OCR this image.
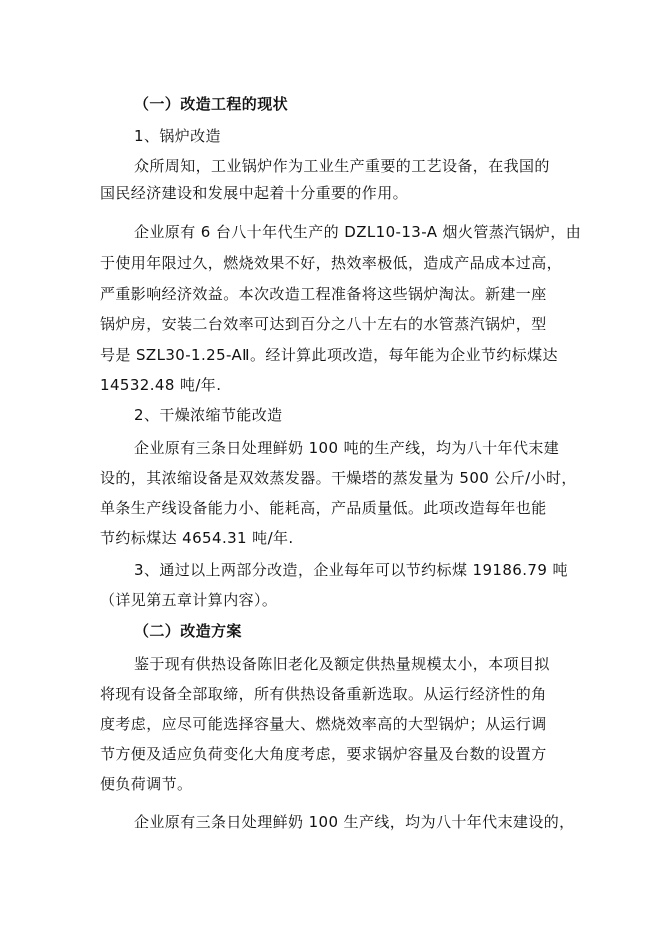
（一）改造工程的现状
1、锅炉改造
众所周知，工业锅炉作为工业生产重要的工艺设备，在我国的
国民经济建设和发展中起着十分重要的作用。
企业原有 6 台八十年代生产的 DZL10-13-A 烟火管蒸汽锅炉，由
于使用年限过久，燃烧效果不好，热效率极低，造成产品成本过高，
严重影响经济效益。本次改造工程准备将这些锅炉淘汰。新建一座
锅炉房，安装二台效率可达到百分之八十左右的水管蒸汽锅炉，型
号是 SZL30-1.25-AⅡ。经计算此项改造，每年能为企业节约标煤达
14532.48 吨/年.
2、干燥浓缩节能改造
企业原有三条日处理鲜奶 100 吨的生产线，均为八十年代末建
设的，其浓缩设备是双效蒸发器。干燥塔的蒸发量为 500 公斤/小时，
单条生产线设备能力小、能耗高，产品质量低。此项改造每年也能
节约标煤达 4654.31 吨/年.
3、通过以上两部分改造，企业每年可以节约标煤 19186.79 吨
（详见第五章计算内容）。
（二）改造方案
鉴于现有供热设备陈旧老化及额定供热量规模太小，本项目拟
将现有设备全部取缔，所有供热设备重新选取。从运行经济性的角
度考虑，应尽可能选择容量大、燃烧效率高的大型锅炉；从运行调
节方便及适应负荷变化大角度考虑，要求锅炉容量及台数的设置方
便负荷调节。
企业原有三条日处理鲜奶 100 生产线，均为八十年代末建设的，
